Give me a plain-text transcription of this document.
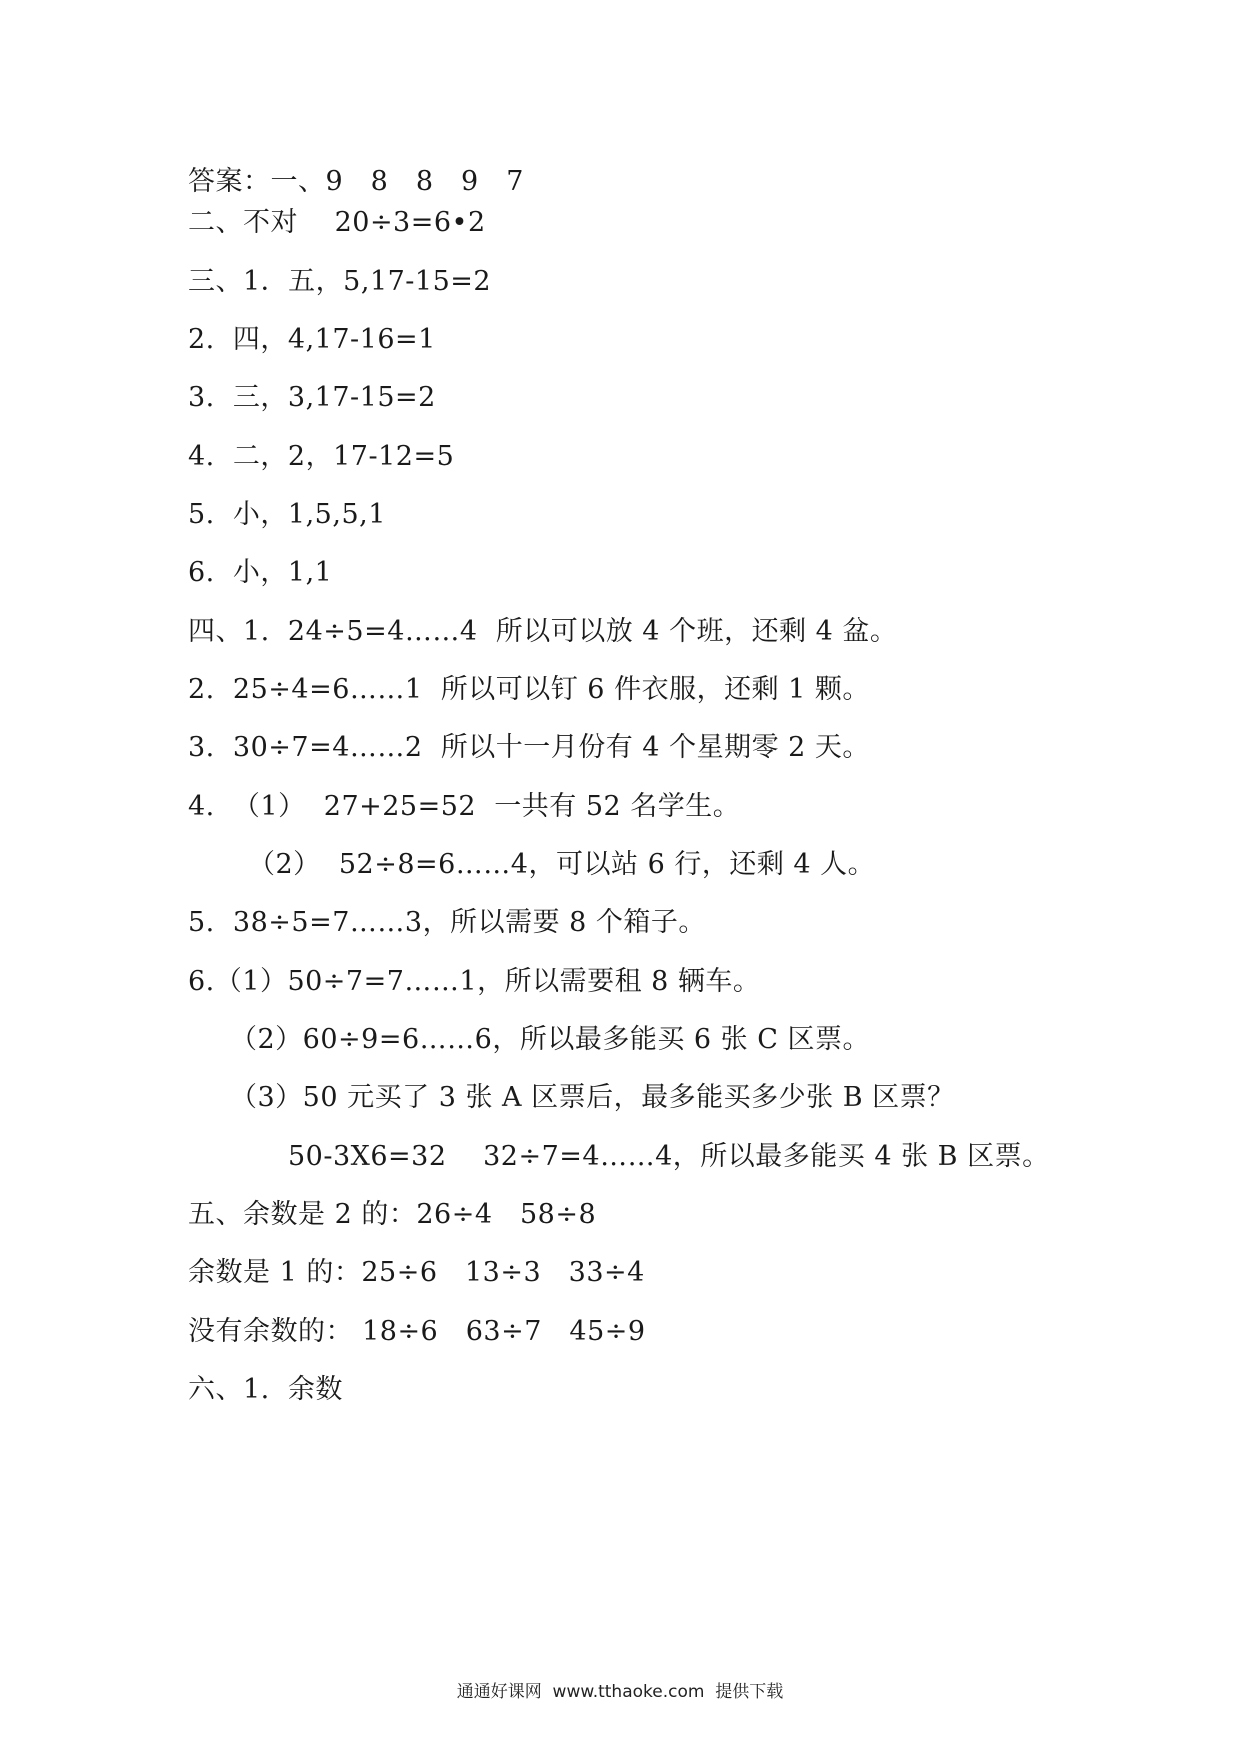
答案：一、9　8　8　9　7
二、不对　 20÷3=6•2
三、1．五，5,17-15=2
2.  四，4,17-16=1
3.  三，3,17-15=2
4.  二，2，17-12=5
5.  小，1,5,5,1
6.  小，1,1
四、1.  24÷5=4……4  所以可以放 4 个班，还剩 4 盆。
2.  25÷4=6……1  所以可以钉 6 件衣服，还剩 1 颗。
3.  30÷7=4……2  所以十一月份有 4 个星期零 2 天。
4.  （1）  27+25=52  一共有 52 名学生。
（2）  52÷8=6……4，可以站 6 行，还剩 4 人。
5.  38÷5=7……3，所以需要 8 个箱子。
6.（1）50÷7=7……1，所以需要租 8 辆车。
（2）60÷9=6……6，所以最多能买 6 张 C 区票。
（3）50 元买了 3 张 A 区票后，最多能买多少张 B 区票？
50-3X6=32　 32÷7=4……4，所以最多能买 4 张 B 区票。
五、余数是 2 的：26÷4　58÷8
余数是 1 的：25÷6　13÷3　33÷4
没有余数的： 18÷6　63÷7　45÷9
六、1.  余数
通通好课网  www.tthaoke.com  提供下载
